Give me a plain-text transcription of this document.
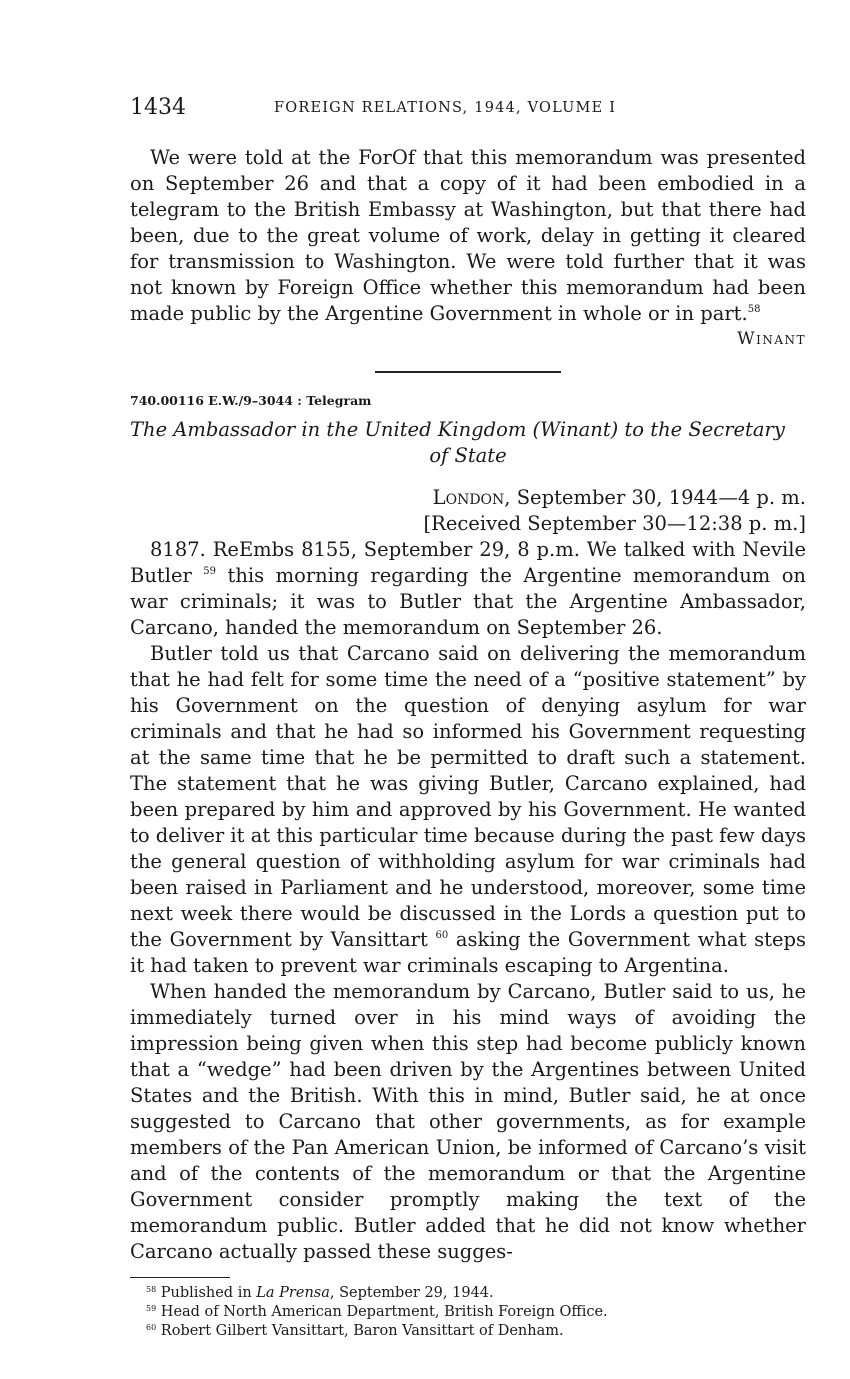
1434	FOREIGN RELATIONS, 1944, VOLUME I

We were told at the ForOf that this memorandum was presented on September 26 and that a copy of it had been embodied in a telegram to the British Embassy at Washington, but that there had been, due to the great volume of work, delay in getting it cleared for transmission to Washington. We were told further that it was not known by Foreign Office whether this memorandum had been made public by the Argentine Government in whole or in part.$^{58}$

Winant
740.00116 E.W./9–3044 : Telegram
The Ambassador in the United Kingdom (Winant) to the Secretary
of State
London, September 30, 1944—4 p. m.
[Received September 30—12:38 p. m.]

8187. ReEmbs 8155, September 29, 8 p.m. We talked with Nevile Butler $^{59}$ this morning regarding the Argentine memorandum on war criminals; it was to Butler that the Argentine Ambassador, Carcano, handed the memorandum on September 26.

Butler told us that Carcano said on delivering the memorandum that he had felt for some time the need of a “positive statement” by his Government on the question of denying asylum for war criminals and that he had so informed his Government requesting at the same time that he be permitted to draft such a statement. The statement that he was giving Butler, Carcano explained, had been prepared by him and approved by his Government. He wanted to deliver it at this particular time because during the past few days the general question of withholding asylum for war criminals had been raised in Parliament and he understood, moreover, some time next week there would be discussed in the Lords a question put to the Government by Vansittart $^{60}$ asking the Government what steps it had taken to prevent war criminals escaping to Argentina.

When handed the memorandum by Carcano, Butler said to us, he immediately turned over in his mind ways of avoiding the impression being given when this step had become publicly known that a “wedge” had been driven by the Argentines between United States and the British. With this in mind, Butler said, he at once suggested to Carcano that other governments, as for example members of the Pan American Union, be informed of Carcano’s visit and of the contents of the memorandum or that the Argentine Government consider promptly making the text of the memorandum public. Butler added that he did not know whether Carcano actually passed these sugges-

$^{58}$ Published in La Prensa, September 29, 1944.
$^{59}$ Head of North American Department, British Foreign Office.
$^{60}$ Robert Gilbert Vansittart, Baron Vansittart of Denham.
